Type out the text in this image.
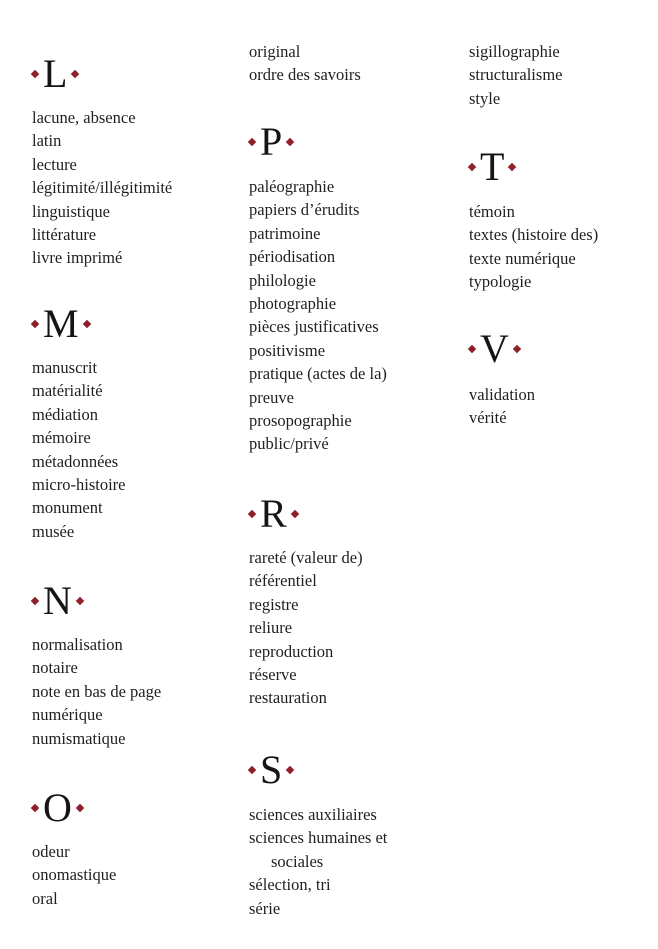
L
lacune, absence
latin
lecture
légitimité/illégitimité
linguistique
littérature
livre imprimé
M
manuscrit
matérialité
médiation
mémoire
métadonnées
micro-histoire
monument
musée
N
normalisation
notaire
note en bas de page
numérique
numismatique
O
odeur
onomastique
oral
original
ordre des savoirs
P
paléographie
papiers d’érudits
patrimoine
périodisation
philologie
photographie
pièces justificatives
positivisme
pratique (actes de la)
preuve
prosopographie
public/privé
R
rareté (valeur de)
référentiel
registre
reliure
reproduction
réserve
restauration
S
sciences auxiliaires
sciences humaines et
sociales
sélection, tri
série
sigillographie
structuralisme
style
T
témoin
textes (histoire des)
texte numérique
typologie
V
validation
vérité
